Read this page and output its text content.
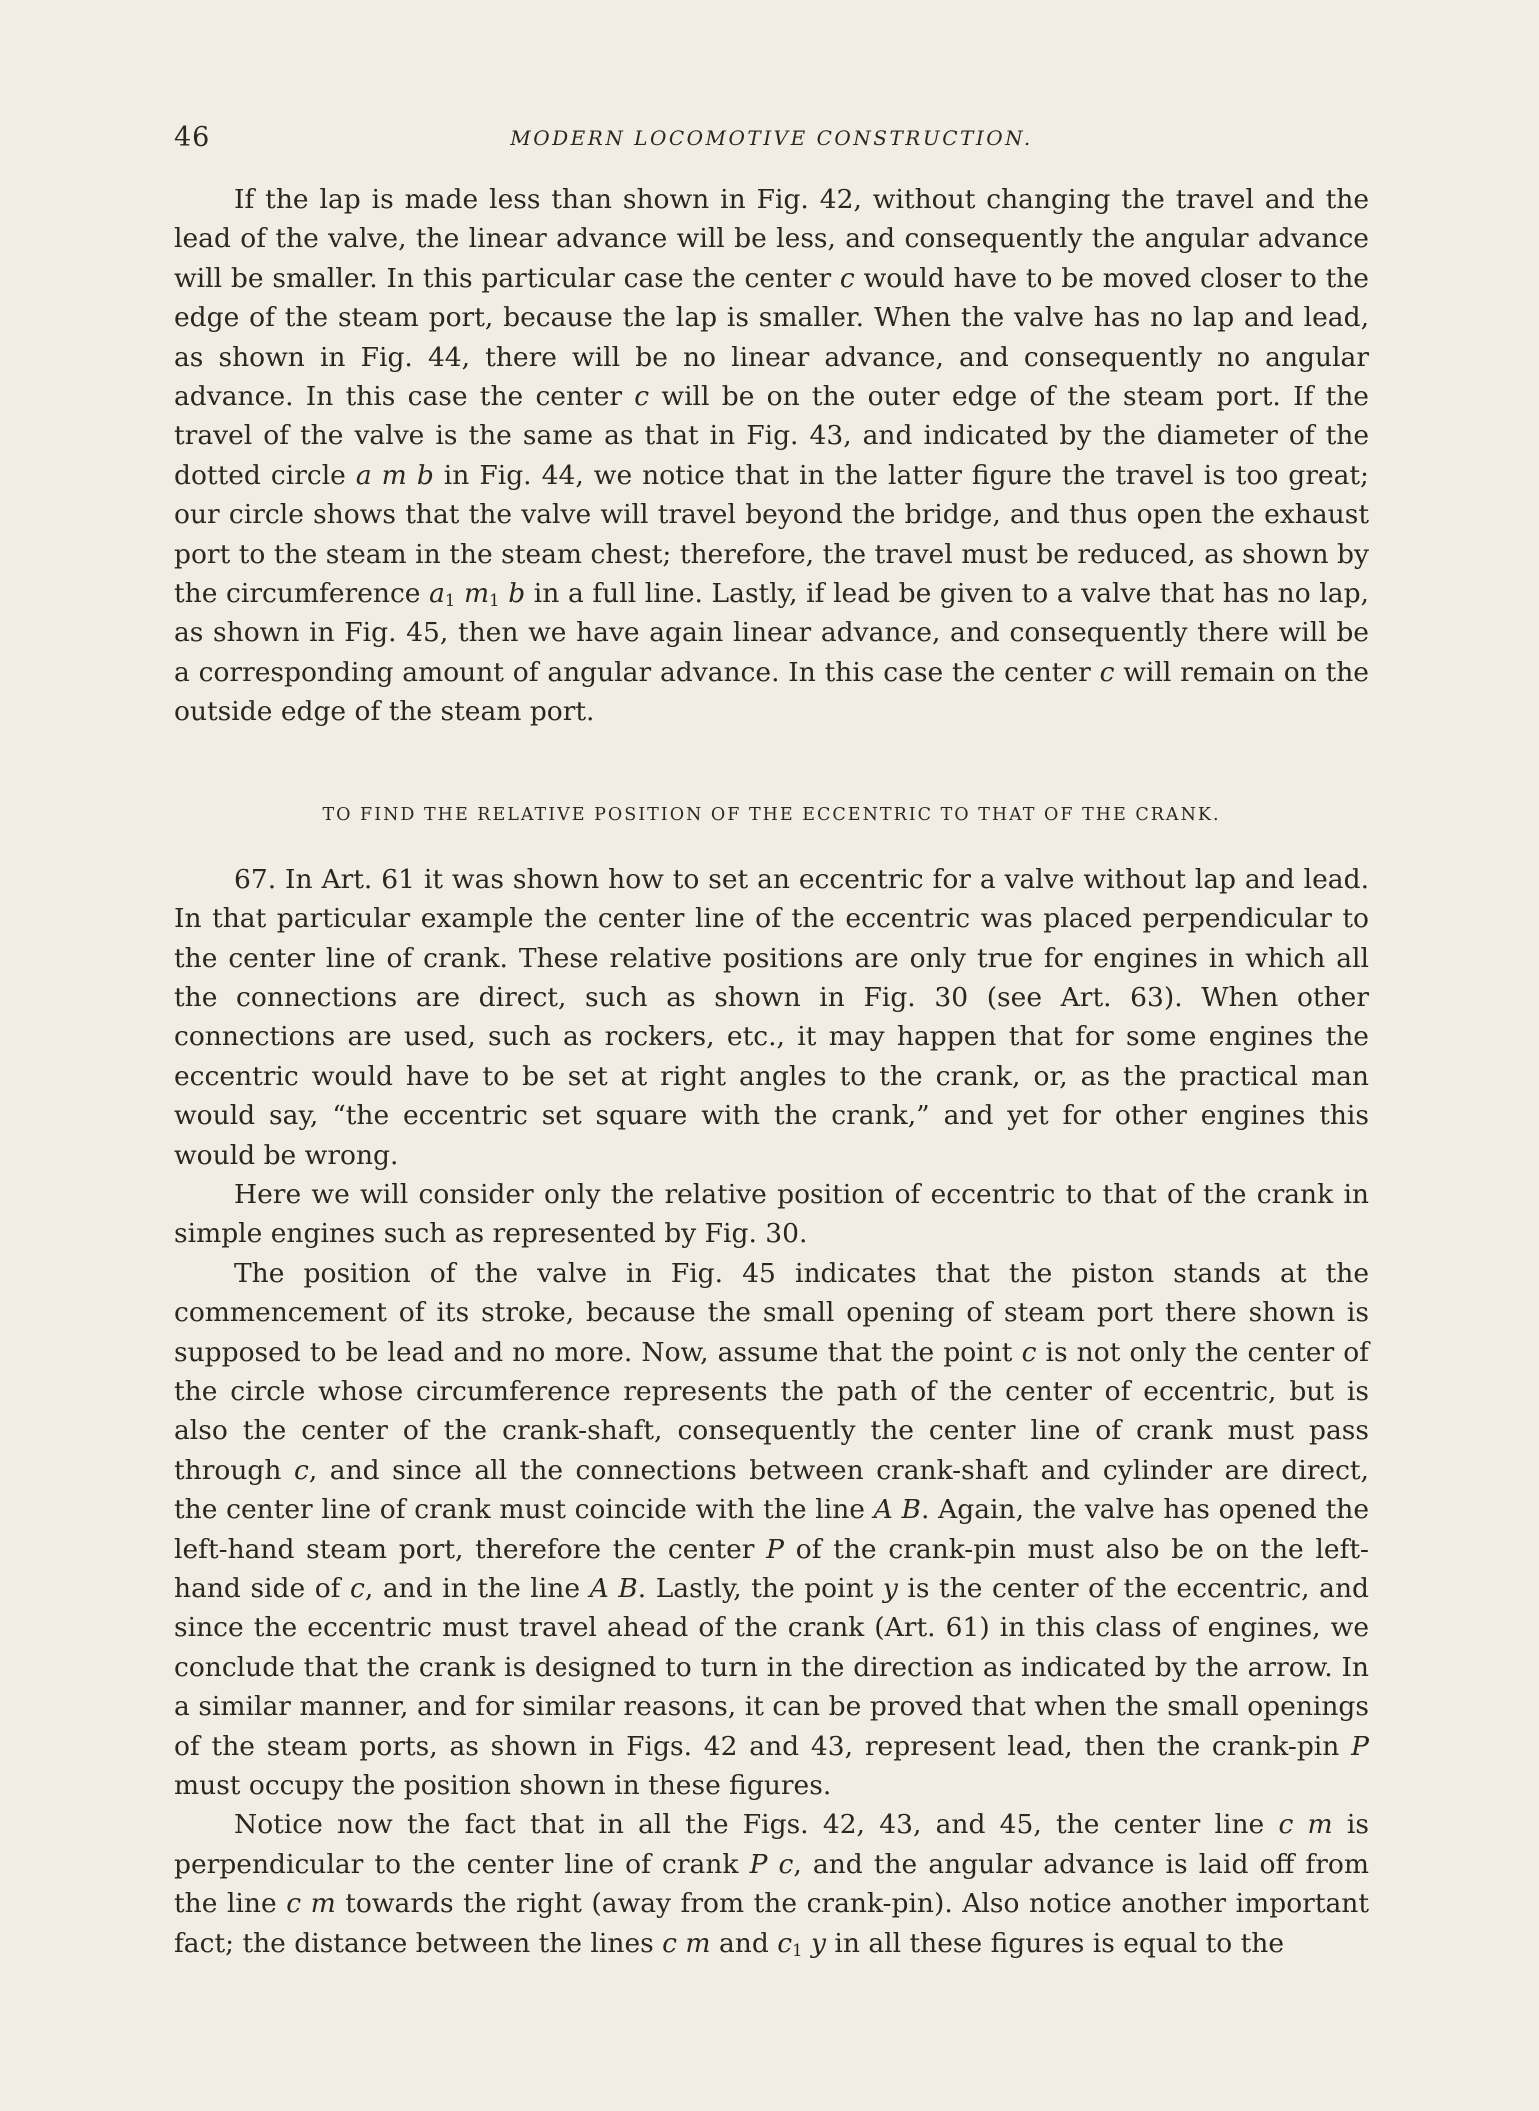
46	MODERN LOCOMOTIVE CONSTRUCTION.

If the lap is made less than shown in Fig. 42, without changing the travel and the lead of the valve, the linear advance will be less, and consequently the angular advance will be smaller. In this particular case the center c would have to be moved closer to the edge of the steam port, because the lap is smaller. When the valve has no lap and lead, as shown in Fig. 44, there will be no linear advance, and consequently no angular advance. In this case the center c will be on the outer edge of the steam port. If the travel of the valve is the same as that in Fig. 43, and indicated by the diameter of the dotted circle a m b in Fig. 44, we notice that in the latter figure the travel is too great; our circle shows that the valve will travel beyond the bridge, and thus open the exhaust port to the steam in the steam chest; therefore, the travel must be reduced, as shown by the circumference $a_1$ $m_1$ b in a full line. Lastly, if lead be given to a valve that has no lap, as shown in Fig. 45, then we have again linear advance, and consequently there will be a corresponding amount of angular advance. In this case the center c will remain on the outside edge of the steam port.

TO FIND THE RELATIVE POSITION OF THE ECCENTRIC TO THAT OF THE CRANK.

67. In Art. 61 it was shown how to set an eccentric for a valve without lap and lead. In that particular example the center line of the eccentric was placed perpendicular to the center line of crank. These relative positions are only true for engines in which all the connections are direct, such as shown in Fig. 30 (see Art. 63). When other connections are used, such as rockers, etc., it may happen that for some engines the eccentric would have to be set at right angles to the crank, or, as the practical man would say, “the eccentric set square with the crank,” and yet for other engines this would be wrong.

Here we will consider only the relative position of eccentric to that of the crank in simple engines such as represented by Fig. 30.

The position of the valve in Fig. 45 indicates that the piston stands at the commencement of its stroke, because the small opening of steam port there shown is supposed to be lead and no more. Now, assume that the point c is not only the center of the circle whose circumference represents the path of the center of eccentric, but is also the center of the crank-shaft, consequently the center line of crank must pass through c, and since all the connections between crank-shaft and cylinder are direct, the center line of crank must coincide with the line A B. Again, the valve has opened the left-hand steam port, therefore the center P of the crank-pin must also be on the left-hand side of c, and in the line A B. Lastly, the point y is the center of the eccentric, and since the eccentric must travel ahead of the crank (Art. 61) in this class of engines, we conclude that the crank is designed to turn in the direction as indicated by the arrow. In a similar manner, and for similar reasons, it can be proved that when the small openings of the steam ports, as shown in Figs. 42 and 43, represent lead, then the crank-pin P must occupy the position shown in these figures.

Notice now the fact that in all the Figs. 42, 43, and 45, the center line c m is perpendicular to the center line of crank P c, and the angular advance is laid off from the line c m towards the right (away from the crank-pin). Also notice another important fact; the distance between the lines c m and $c_1$ y in all these figures is equal to the
